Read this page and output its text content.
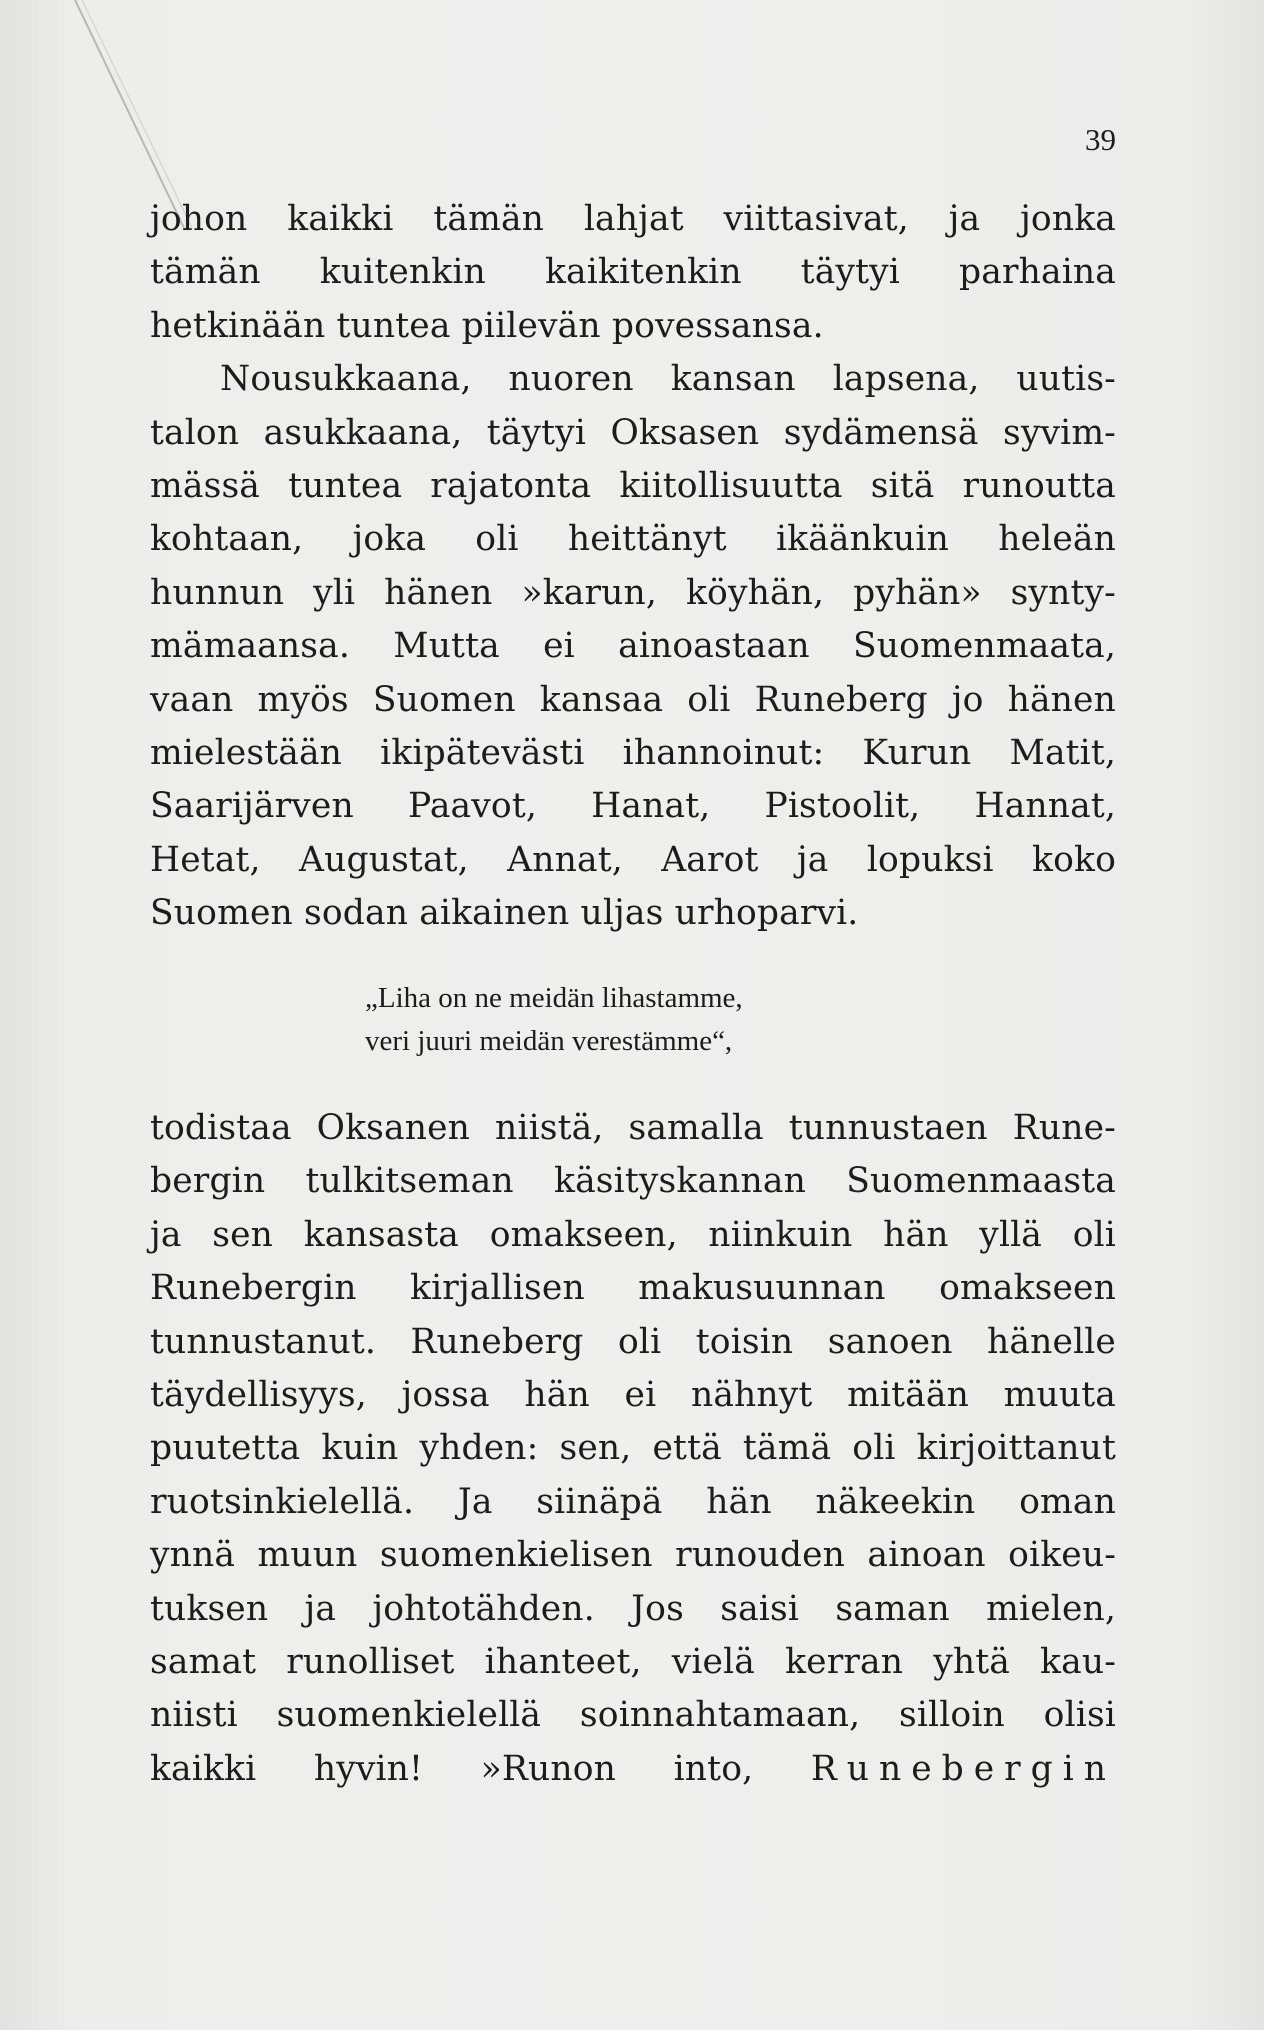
39
johon kaikki tämän lahjat viittasivat, ja jonka
tämän kuitenkin kaikitenkin täytyi parhaina
hetkinään tuntea piilevän povessansa.
Nousukkaana, nuoren kansan lapsena, uutis-
talon asukkaana, täytyi Oksasen sydämensä syvim-
mässä tuntea rajatonta kiitollisuutta sitä runoutta
kohtaan, joka oli heittänyt ikäänkuin heleän
hunnun yli hänen »karun, köyhän, pyhän» synty-
mämaansa. Mutta ei ainoastaan Suomenmaata,
vaan myös Suomen kansaa oli Runeberg jo hänen
mielestään ikipätevästi ihannoinut: Kurun Matit,
Saarijärven Paavot, Hanat, Pistoolit, Hannat,
Hetat, Augustat, Annat, Aarot ja lopuksi koko
Suomen sodan aikainen uljas urhoparvi.
„Liha on ne meidän lihastamme,
veri juuri meidän verestämme“,
todistaa Oksanen niistä, samalla tunnustaen Rune-
bergin tulkitseman käsityskannan Suomenmaasta
ja sen kansasta omakseen, niinkuin hän yllä oli
Runebergin kirjallisen makusuunnan omakseen
tunnustanut. Runeberg oli toisin sanoen hänelle
täydellisyys, jossa hän ei nähnyt mitään muuta
puutetta kuin yhden: sen, että tämä oli kirjoittanut
ruotsinkielellä. Ja siinäpä hän näkeekin oman
ynnä muun suomenkielisen runouden ainoan oikeu-
tuksen ja johtotähden. Jos saisi saman mielen,
samat runolliset ihanteet, vielä kerran yhtä kau-
niisti suomenkielellä soinnahtamaan, silloin olisi
kaikki hyvin! »Runon into, Runebergin
